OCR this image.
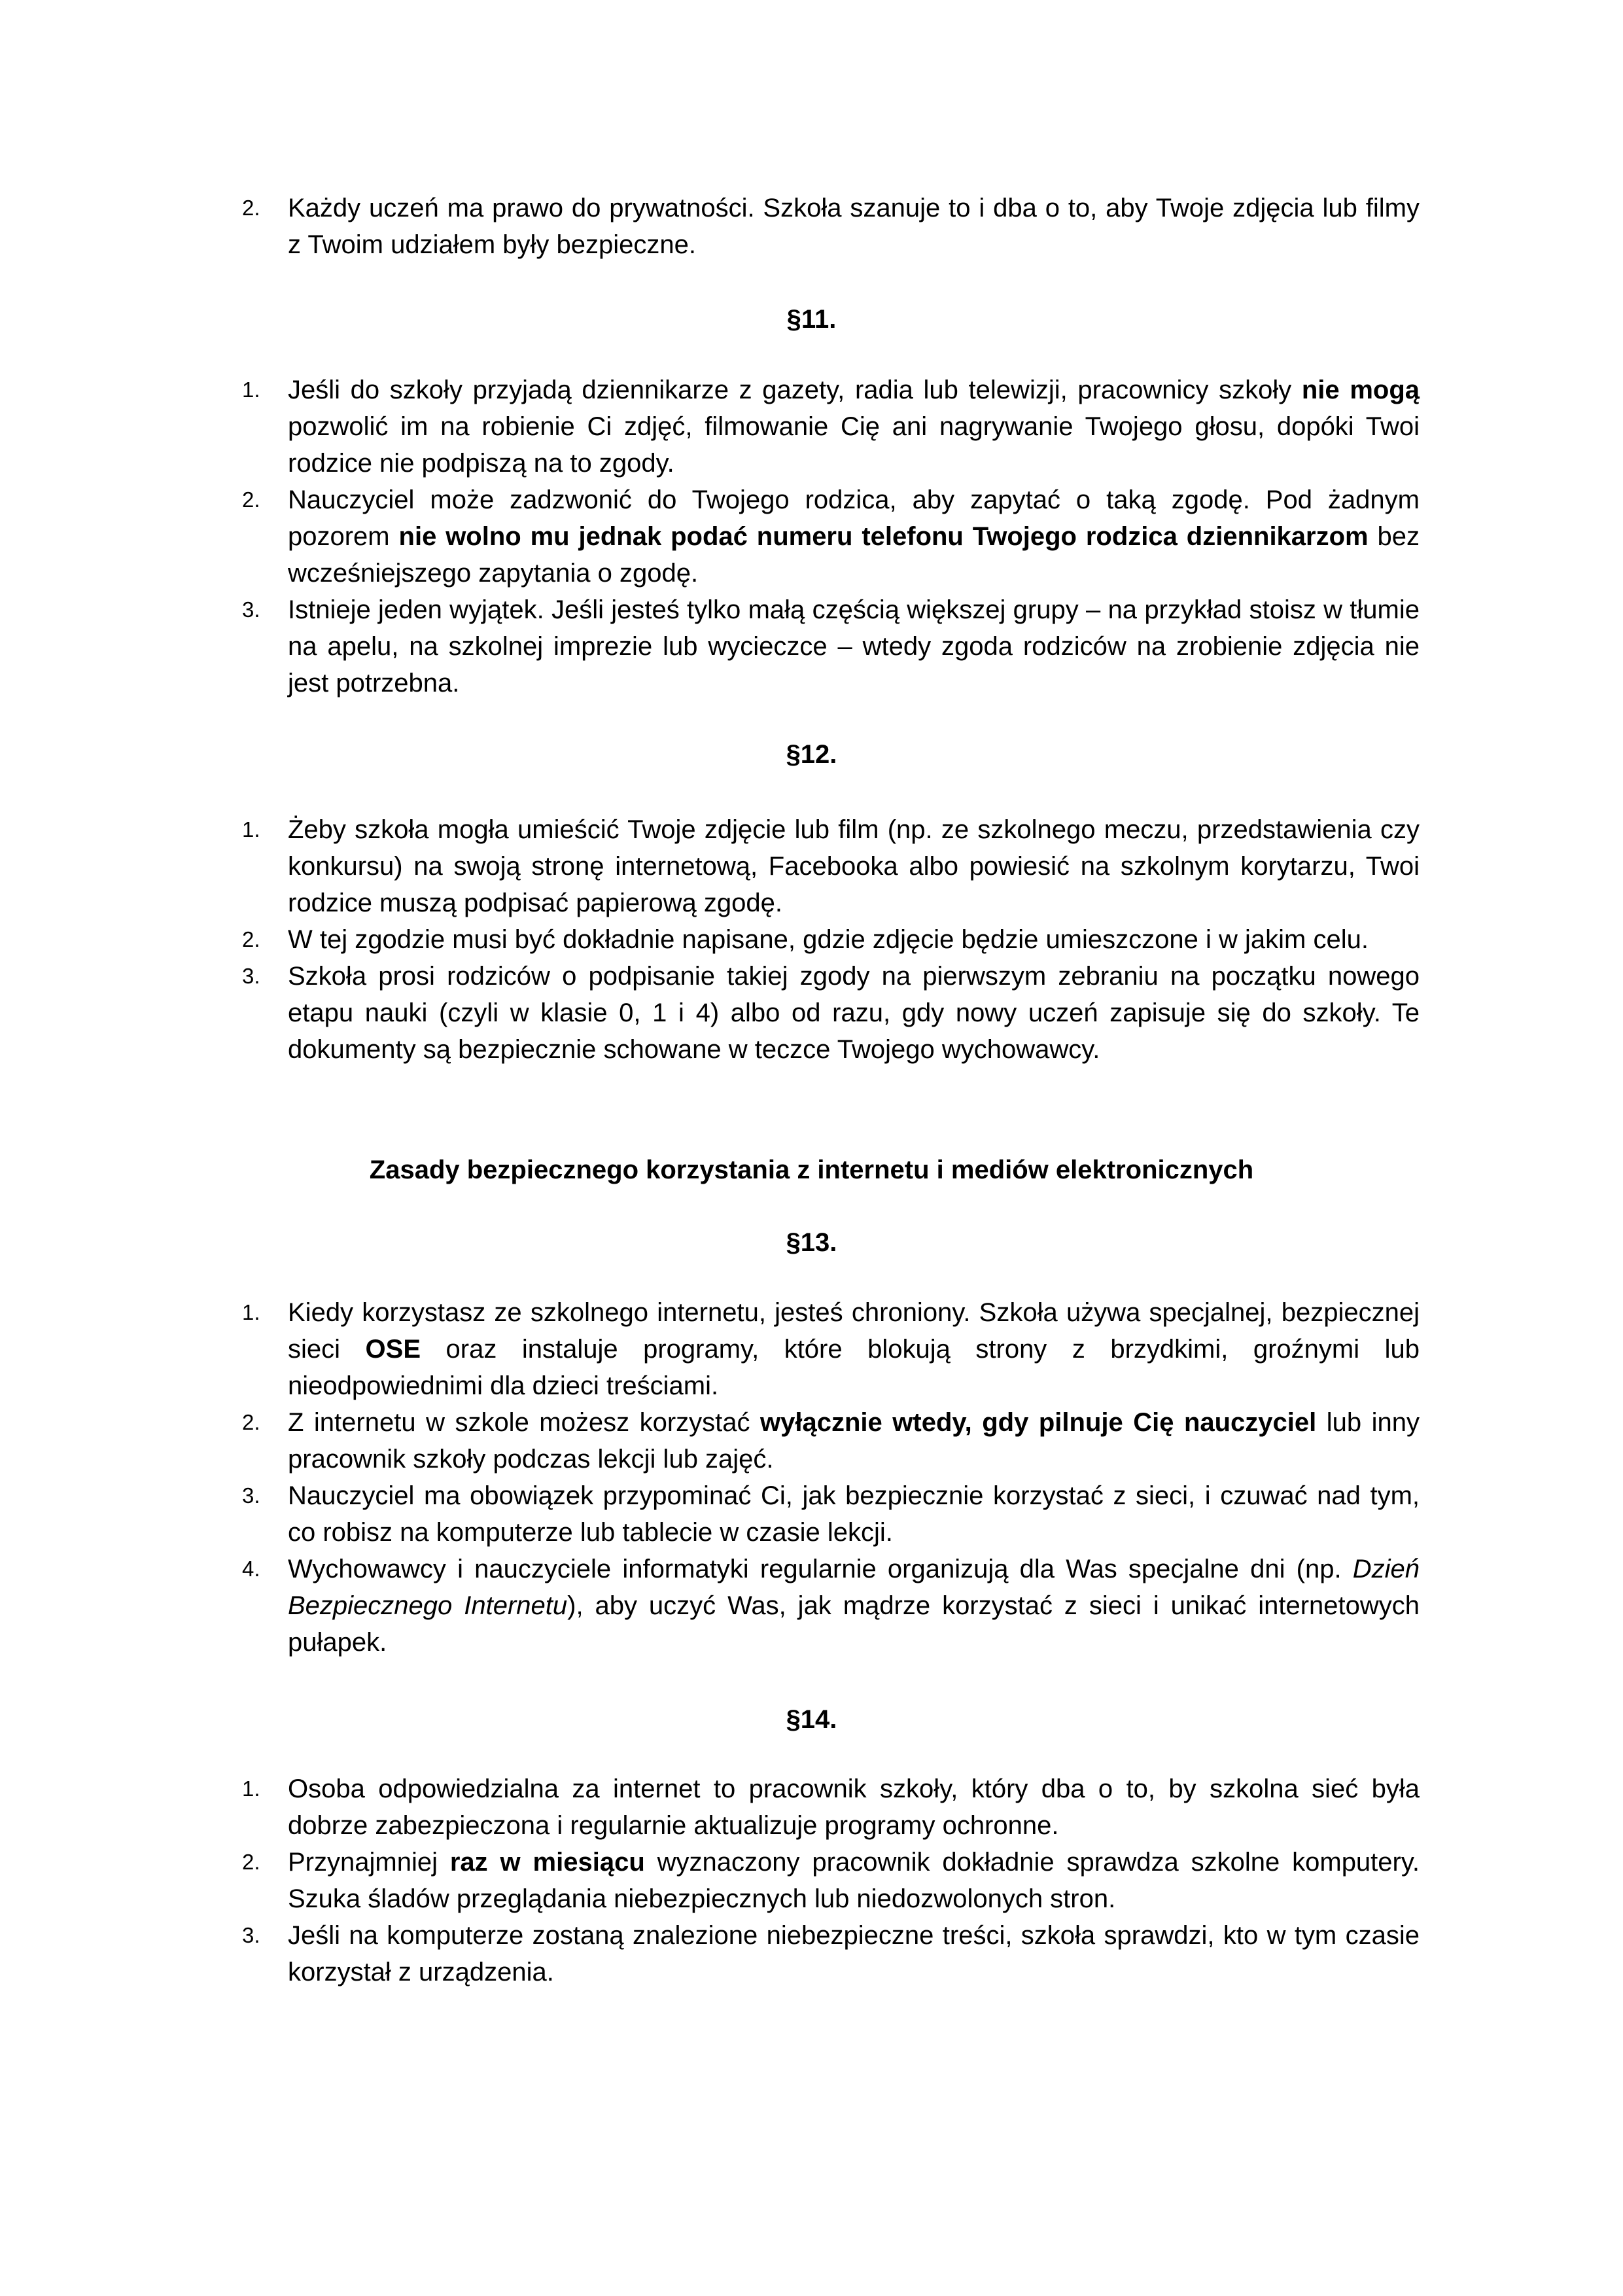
2.	Każdy uczeń ma prawo do prywatności. Szkoła szanuje to i dba o to, aby Twoje zdjęcia lub filmy z Twoim udziałem były bezpieczne.
§11.
1.	Jeśli do szkoły przyjadą dziennikarze z gazety, radia lub telewizji, pracownicy szkoły nie mogą pozwolić im na robienie Ci zdjęć, filmowanie Cię ani nagrywanie Twojego głosu, dopóki Twoi rodzice nie podpiszą na to zgody.
2.	Nauczyciel może zadzwonić do Twojego rodzica, aby zapytać o taką zgodę. Pod żadnym pozorem nie wolno mu jednak podać numeru telefonu Twojego rodzica dziennikarzom bez wcześniejszego zapytania o zgodę.
3.	Istnieje jeden wyjątek. Jeśli jesteś tylko małą częścią większej grupy – na przykład stoisz w tłumie na apelu, na szkolnej imprezie lub wycieczce – wtedy zgoda rodziców na zrobienie zdjęcia nie jest potrzebna.
§12.
1.	Żeby szkoła mogła umieścić Twoje zdjęcie lub film (np. ze szkolnego meczu, przedstawienia czy konkursu) na swoją stronę internetową, Facebooka albo powiesić na szkolnym korytarzu, Twoi rodzice muszą podpisać papierową zgodę.
2.	W tej zgodzie musi być dokładnie napisane, gdzie zdjęcie będzie umieszczone i w jakim celu.
3.	Szkoła prosi rodziców o podpisanie takiej zgody na pierwszym zebraniu na początku nowego etapu nauki (czyli w klasie 0, 1 i 4) albo od razu, gdy nowy uczeń zapisuje się do szkoły. Te dokumenty są bezpiecznie schowane w teczce Twojego wychowawcy.
Zasady bezpiecznego korzystania z internetu i mediów elektronicznych
§13.
1.	Kiedy korzystasz ze szkolnego internetu, jesteś chroniony. Szkoła używa specjalnej, bezpiecznej sieci OSE oraz instaluje programy, które blokują strony z brzydkimi, groźnymi lub nieodpowiednimi dla dzieci treściami.
2.	Z internetu w szkole możesz korzystać wyłącznie wtedy, gdy pilnuje Cię nauczyciel lub inny pracownik szkoły podczas lekcji lub zajęć.
3.	Nauczyciel ma obowiązek przypominać Ci, jak bezpiecznie korzystać z sieci, i czuwać nad tym, co robisz na komputerze lub tablecie w czasie lekcji.
4.	Wychowawcy i nauczyciele informatyki regularnie organizują dla Was specjalne dni (np. Dzień Bezpiecznego Internetu), aby uczyć Was, jak mądrze korzystać z sieci i unikać internetowych pułapek.
§14.
1.	Osoba odpowiedzialna za internet to pracownik szkoły, który dba o to, by szkolna sieć była dobrze zabezpieczona i regularnie aktualizuje programy ochronne.
2.	Przynajmniej raz w miesiącu wyznaczony pracownik dokładnie sprawdza szkolne komputery. Szuka śladów przeglądania niebezpiecznych lub niedozwolonych stron.
3.	Jeśli na komputerze zostaną znalezione niebezpieczne treści, szkoła sprawdzi, kto w tym czasie korzystał z urządzenia.
